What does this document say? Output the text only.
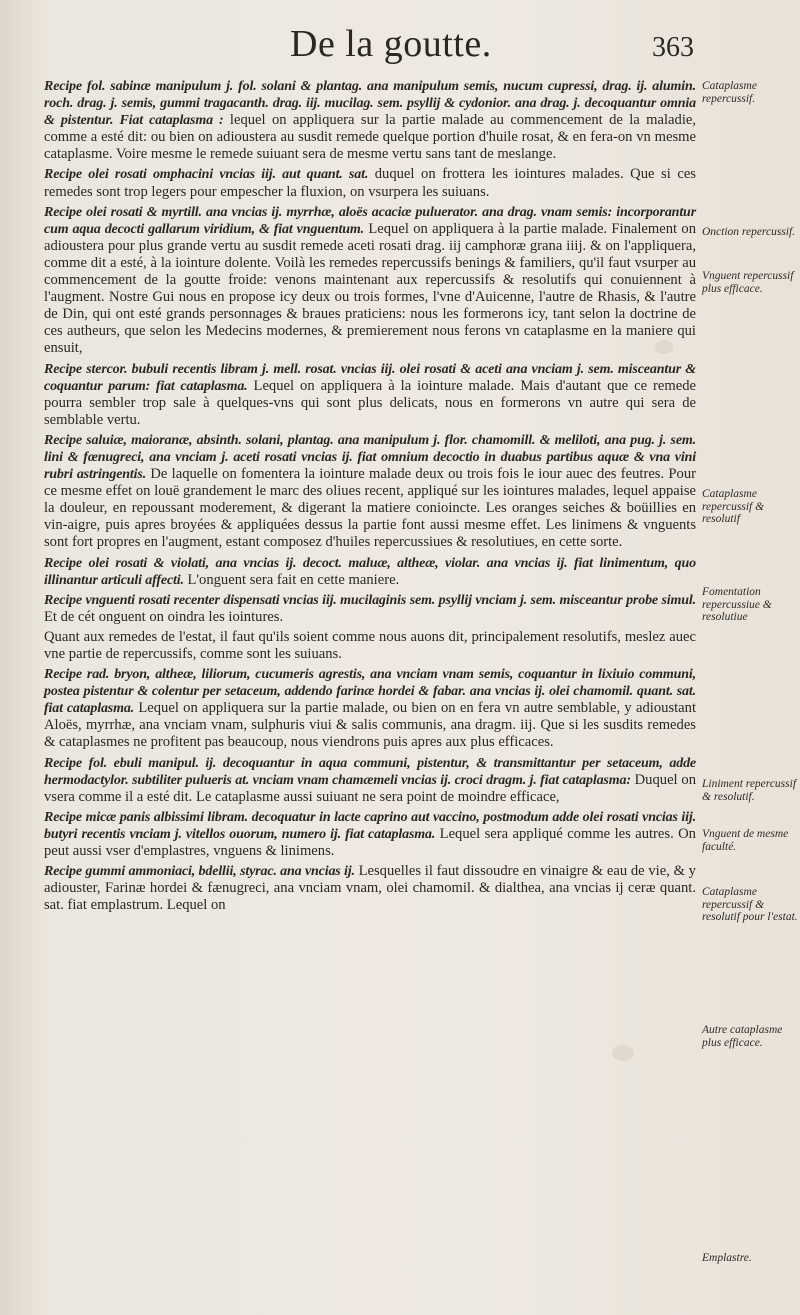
De la goutte.	363

Recipe fol. sabinæ manipulum j. fol. solani & plantag. ana manipulum semis, nucum cupressi, drag. ij. alumin. roch. drag. j. semis, gummi tragacanth. drag. iij. mucilag. sem. psyllij & cydonior. ana drag. j. decoquantur omnia & pistentur. Fiat cataplasma : lequel on appliquera sur la partie malade au commencement de la maladie, comme a esté dit: ou bien on adioustera au susdit remede quelque portion d'huile rosat, & en fera-on vn mesme cataplasme. Voire mesme le remede suiuant sera de mesme vertu sans tant de meslange.

Recipe olei rosati omphacini vncias iij. aut quant. sat. duquel on frottera les iointures malades. Que si ces remedes sont trop legers pour empescher la fluxion, on vsurpera les suiuans.

Recipe olei rosati & myrtill. ana vncias ij. myrrhæ, aloës acaciæ puluerator. ana drag. vnam semis: incorporantur cum aqua decocti gallarum viridium, & fiat vnguentum. Lequel on appliquera à la partie malade. Finalement on adioustera pour plus grande vertu au susdit remede aceti rosati drag. iij camphoræ grana iiij. & on l'appliquera, comme dit a esté, à la iointure dolente. Voilà les remedes repercussifs benings & familiers, qu'il faut vsurper au commencement de la goutte froide: venons maintenant aux repercussifs & resolutifs qui conuiennent à l'augment. Nostre Gui nous en propose icy deux ou trois formes, l'vne d'Auicenne, l'autre de Rhasis, & l'autre de Din, qui ont esté grands personnages & braues praticiens: nous les formerons icy, tant selon la doctrine de ces autheurs, que selon les Medecins modernes, & premierement nous ferons vn cataplasme en la maniere qui ensuit,

Recipe stercor. bubuli recentis libram j. mell. rosat. vncias iij. olei rosati & aceti ana vnciam j. sem. misceantur & coquantur parum: fiat cataplasma. Lequel on appliquera à la iointure malade. Mais d'autant que ce remede pourra sembler trop sale à quelques-vns qui sont plus delicats, nous en formerons vn autre qui sera de semblable vertu.

Recipe saluiæ, maioranæ, absinth. solani, plantag. ana manipulum j. flor. chamomill. & meliloti, ana pug. j. sem. lini & fœnugreci, ana vnciam j. aceti rosati vncias ij. fiat omnium decoctio in duabus partibus aquæ & vna vini rubri astringentis. De laquelle on fomentera la iointure malade deux ou trois fois le iour auec des feutres. Pour ce mesme effet on louë grandement le marc des oliues recent, appliqué sur les iointures malades, lequel appaise la douleur, en repoussant moderement, & digerant la matiere conioincte. Les oranges seiches & boüillies en vin-aigre, puis apres broyées & appliquées dessus la partie font aussi mesme effet. Les linimens & vnguents sont fort propres en l'augment, estant composez d'huiles repercussiues & resolutiues, en cette sorte.

Recipe olei rosati & violati, ana vncias ij. decoct. maluæ, altheæ, violar. ana vncias ij. fiat linimentum, quo illinantur articuli affecti. L'onguent sera fait en cette maniere.

Recipe vnguenti rosati recenter dispensati vncias iij. mucilaginis sem. psyllij vnciam j. sem. misceantur probe simul. Et de cét onguent on oindra les iointures.

Quant aux remedes de l'estat, il faut qu'ils soient comme nous auons dit, principalement resolutifs, meslez auec vne partie de repercussifs, comme sont les suiuans.

Recipe rad. bryon, altheæ, liliorum, cucumeris agrestis, ana vnciam vnam semis, coquantur in lixiuio communi, postea pistentur & colentur per setaceum, addendo farinæ hordei & fabar. ana vncias ij. olei chamomil. quant. sat. fiat cataplasma. Lequel on appliquera sur la partie malade, ou bien on en fera vn autre semblable, y adioustant Aloës, myrrhæ, ana vnciam vnam, sulphuris viui & salis communis, ana dragm. iij. Que si les susdits remedes & cataplasmes ne profitent pas beaucoup, nous viendrons puis apres aux plus efficaces.

Recipe fol. ebuli manipul. ij. decoquantur in aqua communi, pistentur, & transmittantur per setaceum, adde hermodactylor. subtiliter pulueris at. vnciam vnam chamæmeli vncias ij. croci dragm. j. fiat cataplasma: Duquel on vsera comme il a esté dit. Le cataplasme aussi suiuant ne sera point de moindre efficace,

Recipe micæ panis albissimi libram. decoquatur in lacte caprino aut vaccino, postmodum adde olei rosati vncias iij. butyri recentis vnciam j. vitellos ouorum, numero ij. fiat cataplasma. Lequel sera appliqué comme les autres. On peut aussi vser d'emplastres, vnguens & linimens.

Recipe gummi ammoniaci, bdellii, styrac. ana vncias ij. Lesquelles il faut dissoudre en vinaigre & eau de vie, & y adiouster, Farinæ hordei & fænugreci, ana vnciam vnam, olei chamomil. & dialthea, ana vncias ij ceræ quant. sat. fiat emplastrum. Lequel on

Cataplasme repercussif.
Onction repercussif.
Vnguent repercussif plus efficace.
Cataplasme repercussif & resolutif
Fomentation repercussiue & resolutiue
Liniment repercussif & resolutif.
Vnguent de mesme faculté.
Cataplasme repercussif & resolutif pour l'estat.
Autre cataplasme plus efficace.
Emplastre.
